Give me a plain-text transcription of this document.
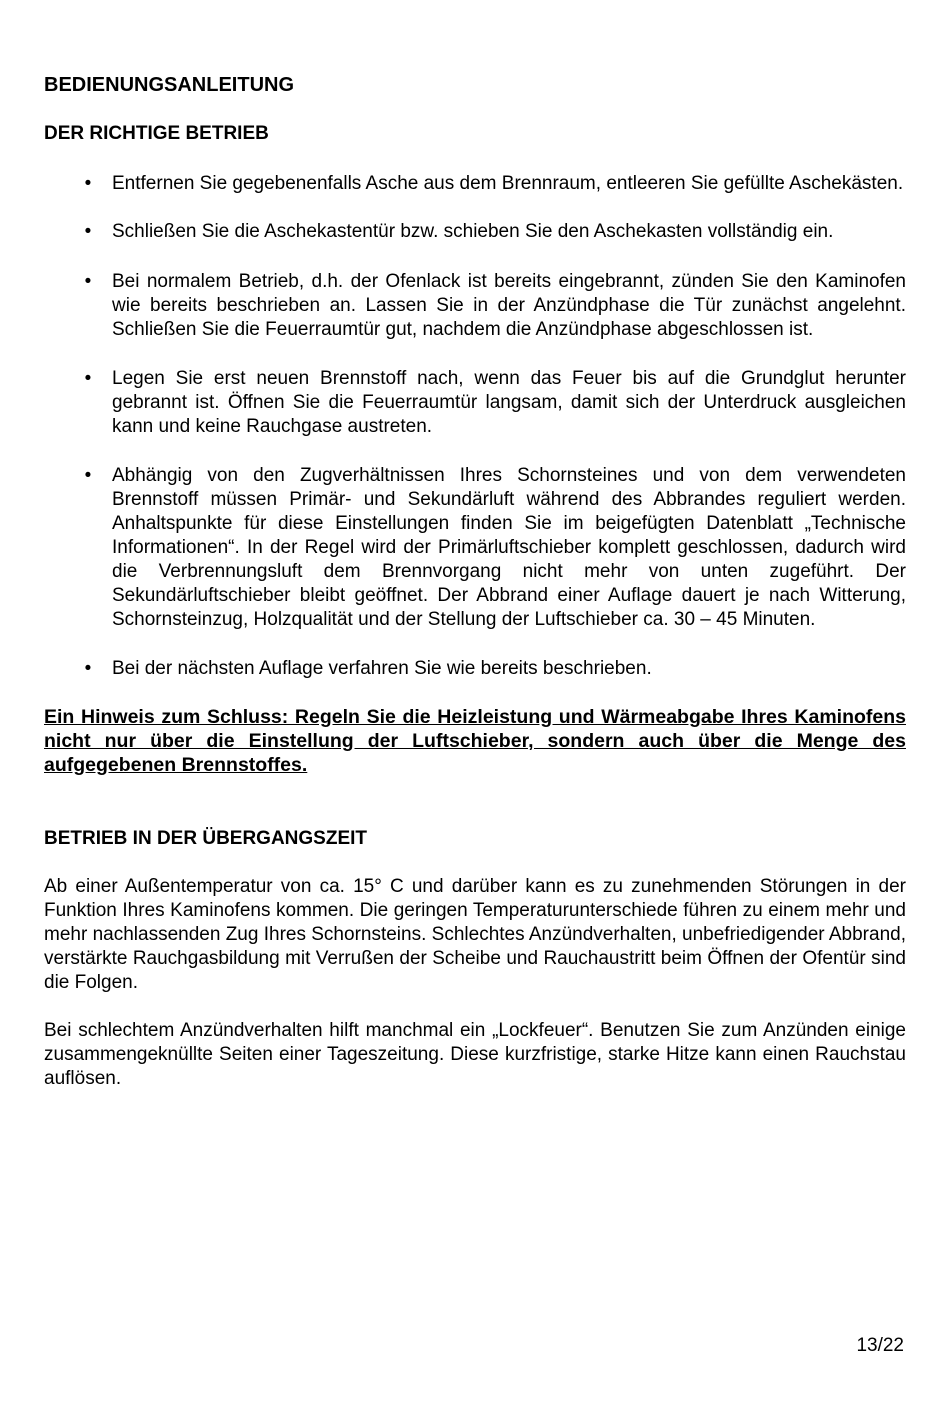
BEDIENUNGSANLEITUNG
DER RICHTIGE BETRIEB
•	Entfernen Sie gegebenenfalls Asche aus dem Brennraum, entleeren Sie gefüllte Aschekästen.
•	Schließen Sie die Aschekastentür bzw. schieben Sie den Aschekasten vollständig ein.
•	Bei normalem Betrieb, d.h. der Ofenlack ist bereits eingebrannt, zünden Sie den Kaminofen wie bereits beschrieben an. Lassen Sie in der Anzündphase die Tür zunächst angelehnt. Schließen Sie die Feuerraumtür gut, nachdem die Anzündphase abgeschlossen ist.
•	Legen Sie erst neuen Brennstoff nach, wenn das Feuer bis auf die Grundglut herunter gebrannt ist. Öffnen Sie die Feuerraumtür langsam, damit sich der Unterdruck ausgleichen kann und keine Rauchgase austreten.
•	Abhängig von den Zugverhältnissen Ihres Schornsteines und von dem verwendeten Brennstoff müssen Primär- und Sekundärluft während des Abbrandes reguliert werden. Anhaltspunkte für diese Einstellungen finden Sie im beigefügten Datenblatt „Technische Informationen“. In der Regel wird der Primärluftschieber komplett geschlossen, dadurch wird die Verbrennungsluft dem Brennvorgang nicht mehr von unten zugeführt. Der Sekundärluftschieber bleibt geöffnet. Der Abbrand einer Auflage dauert je nach Witterung, Schornsteinzug, Holzqualität und der Stellung der Luftschieber ca. 30 – 45 Minuten.
•	Bei der nächsten Auflage verfahren Sie wie bereits beschrieben.

Ein Hinweis zum Schluss: Regeln Sie die Heizleistung und Wärmeabgabe Ihres Kaminofens nicht nur über die Einstellung der Luftschieber, sondern auch über die Menge des aufgegebenen Brennstoffes.

BETRIEB IN DER ÜBERGANGSZEIT

Ab einer Außentemperatur von ca. 15° C und darüber kann es zu zunehmenden Störungen in der Funktion Ihres Kaminofens kommen. Die geringen Temperaturunterschiede führen zu einem mehr und mehr nachlassenden Zug Ihres Schornsteins. Schlechtes Anzündverhalten, unbefriedigender Abbrand, verstärkte Rauchgasbildung mit Verrußen der Scheibe und Rauchaustritt beim Öffnen der Ofentür sind die Folgen.

Bei schlechtem Anzündverhalten hilft manchmal ein „Lockfeuer“. Benutzen Sie zum Anzünden einige zusammengeknüllte Seiten einer Tageszeitung. Diese kurzfristige, starke Hitze kann einen Rauchstau auflösen.

13/22
